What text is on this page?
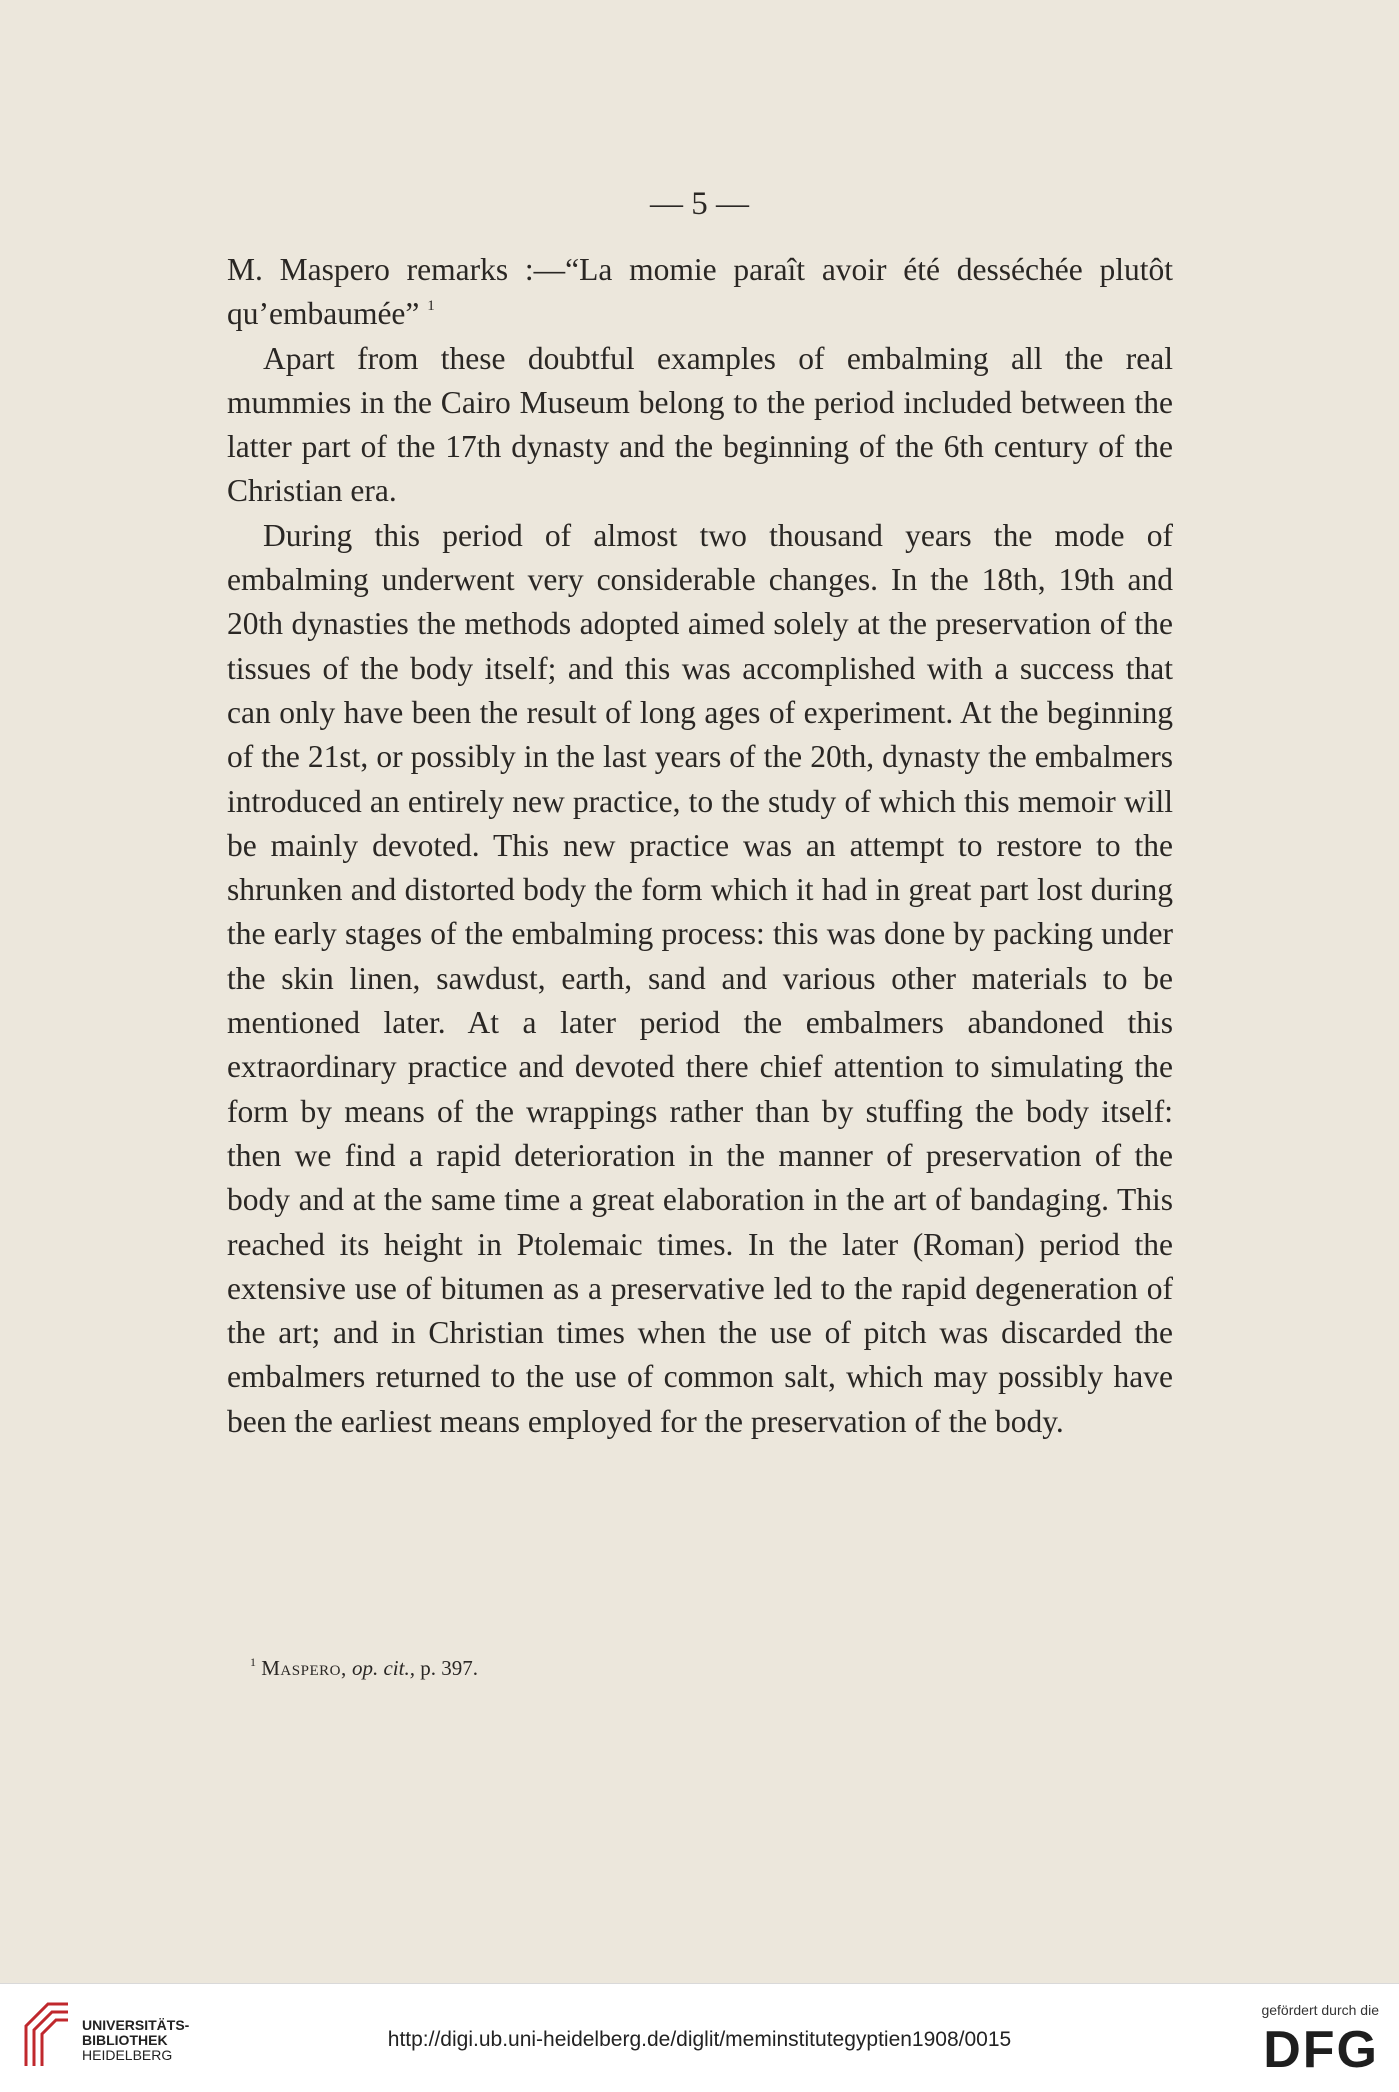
— 5 —

M. Maspero remarks :—“La momie paraît avoir été desséchée plutôt qu’embaumée” $^1$

Apart from these doubtful examples of embalming all the real mummies in the Cairo Museum belong to the period included between the latter part of the 17th dynasty and the beginning of the 6th century of the Christian era.

During this period of almost two thousand years the mode of embalming underwent very considerable changes. In the 18th, 19th and 20th dynasties the methods adopted aimed solely at the preservation of the tissues of the body itself; and this was accomplished with a success that can only have been the result of long ages of experiment. At the beginning of the 21st, or possibly in the last years of the 20th, dynasty the embalmers introduced an entirely new practice, to the study of which this memoir will be mainly devoted. This new practice was an attempt to restore to the shrunken and distorted body the form which it had in great part lost during the early stages of the embalming process: this was done by packing under the skin linen, sawdust, earth, sand and various other materials to be mentioned later. At a later period the embalmers abandoned this extraordinary practice and devoted there chief attention to simulating the form by means of the wrappings rather than by stuffing the body itself: then we find a rapid deterioration in the manner of preservation of the body and at the same time a great elaboration in the art of bandaging. This reached its height in Ptolemaic times. In the later (Roman) period the extensive use of bitumen as a preservative led to the rapid degeneration of the art; and in Christian times when the use of pitch was discarded the embalmers returned to the use of common salt, which may possibly have been the earliest means employed for the preservation of the body.

$^1$ Maspero, op. cit., p. 397.
UNIVERSITÄTS-
BIBLIOTHEK
HEIDELBERG
http://digi.ub.uni-heidelberg.de/diglit/meminstitutegyptien1908/0015
gefördert durch die
DFG
